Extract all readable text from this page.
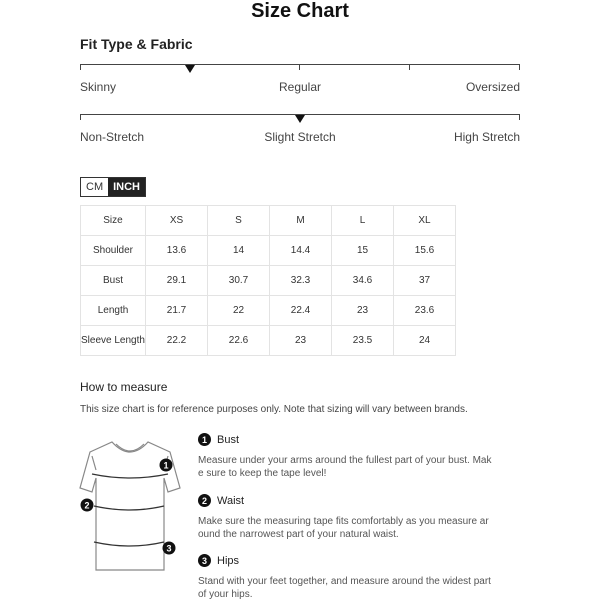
Size Chart
Fit Type & Fabric
Skinny	Regular	Oversized
Non-Stretch	Slight Stretch	High Stretch
CM INCH
Size	XS	S	M	L	XL
Shoulder	13.6	14	14.4	15	15.6
Bust	29.1	30.7	32.3	34.6	37
Length	21.7	22	22.4	23	23.6
Sleeve Length	22.2	22.6	23	23.5	24
How to measure
This size chart is for reference purposes only. Note that sizing will vary between brands.
1
2
3
1 Bust
Measure under your arms around the fullest part of your bust. Make sure to keep the tape level!
2 Waist
Make sure the measuring tape fits comfortably as you measure around the narrowest part of your natural waist.
3 Hips
Stand with your feet together, and measure around the widest part of your hips.
